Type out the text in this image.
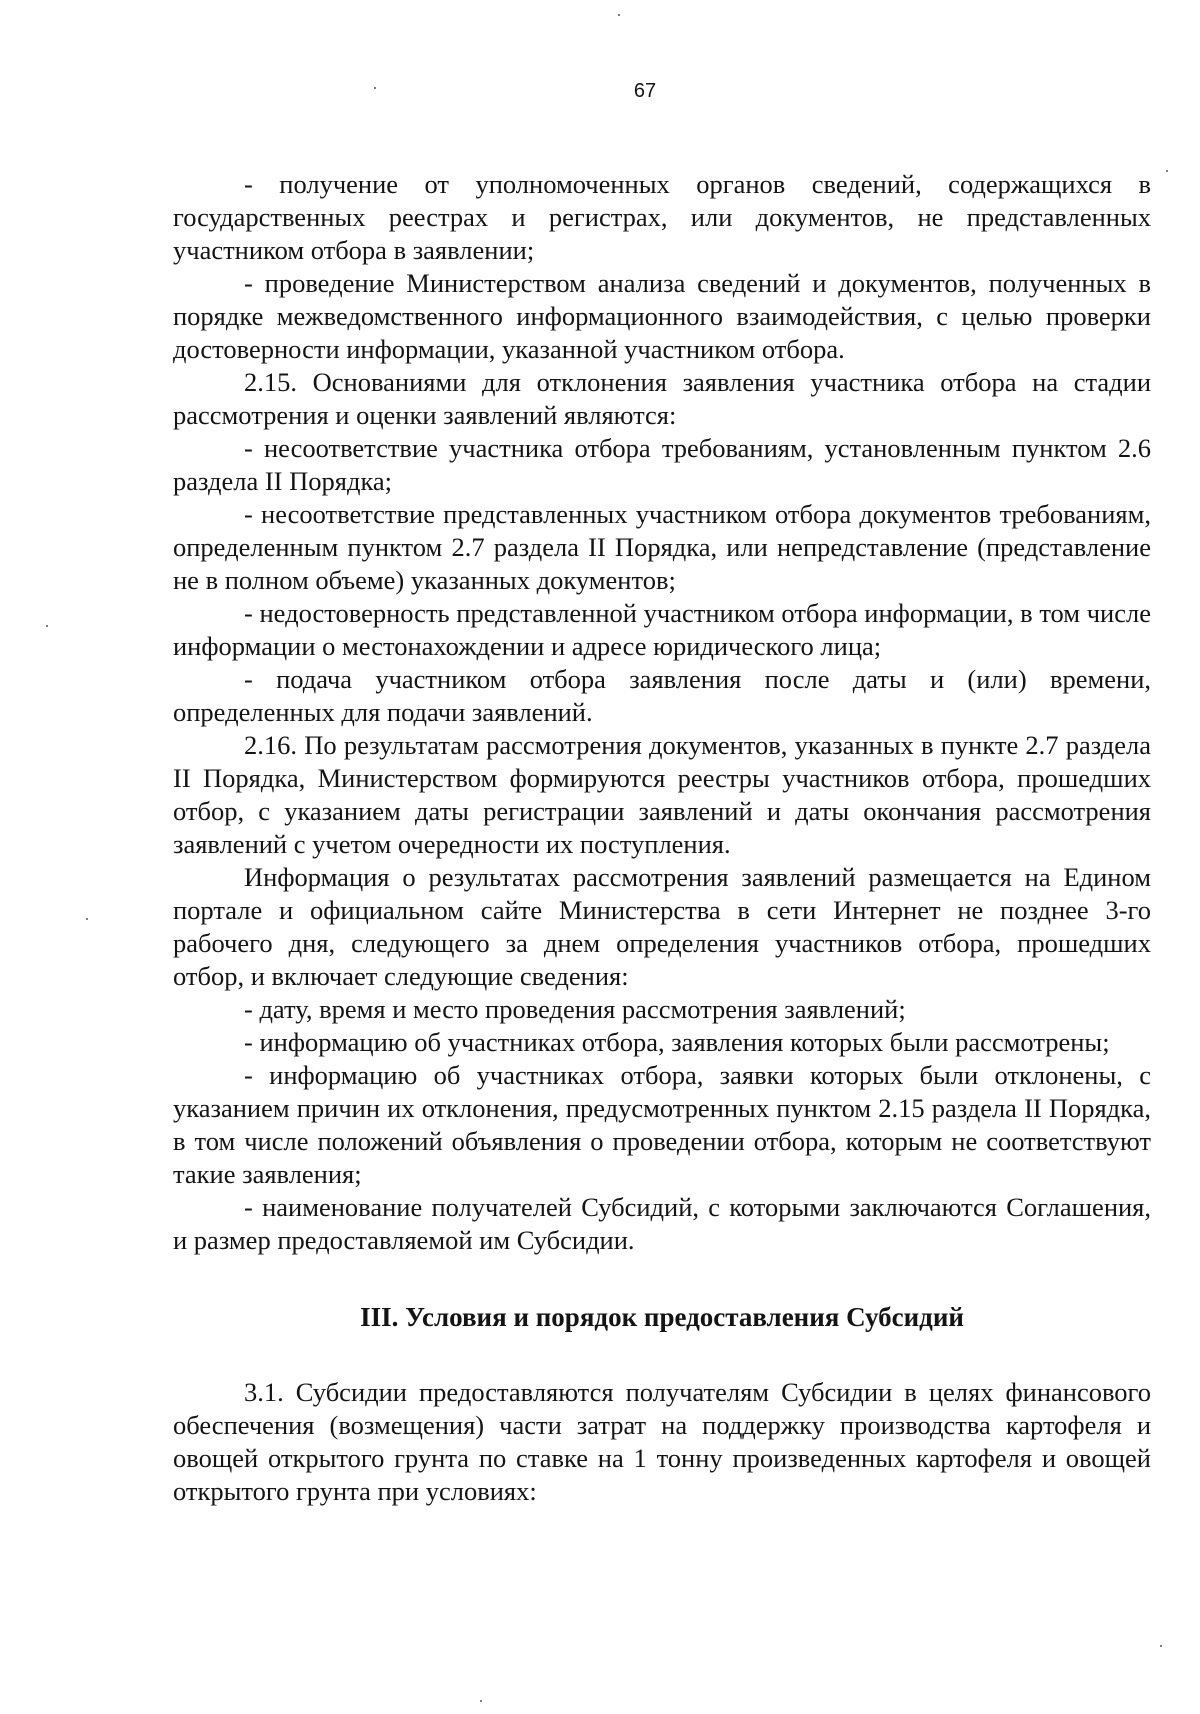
67

- получение от уполномоченных органов сведений, содержащихся в государственных реестрах и регистрах, или документов, не представленных участником отбора в заявлении;

- проведение Министерством анализа сведений и документов, полученных в порядке межведомственного информационного взаимодействия, с целью проверки достоверности информации, указанной участником отбора.

2.15. Основаниями для отклонения заявления участника отбора на стадии рассмотрения и оценки заявлений являются:

- несоответствие участника отбора требованиям, установленным пунктом 2.6 раздела II Порядка;

- несоответствие представленных участником отбора документов требованиям, определенным пунктом 2.7 раздела II Порядка, или непредставление (представление не в полном объеме) указанных документов;

- недостоверность представленной участником отбора информации, в том числе информации о местонахождении и адресе юридического лица;

- подача участником отбора заявления после даты и (или) времени, определенных для подачи заявлений.

2.16. По результатам рассмотрения документов, указанных в пункте 2.7 раздела II Порядка, Министерством формируются реестры участников отбора, прошедших отбор, с указанием даты регистрации заявлений и даты окончания рассмотрения заявлений с учетом очередности их поступления.

Информация о результатах рассмотрения заявлений размещается на Едином портале и официальном сайте Министерства в сети Интернет не позднее 3-го рабочего дня, следующего за днем определения участников отбора, прошедших отбор, и включает следующие сведения:

- дату, время и место проведения рассмотрения заявлений;

- информацию об участниках отбора, заявления которых были рассмотрены;

- информацию об участниках отбора, заявки которых были отклонены, с указанием причин их отклонения, предусмотренных пунктом 2.15 раздела II Порядка, в том числе положений объявления о проведении отбора, которым не соответствуют такие заявления;

- наименование получателей Субсидий, с которыми заключаются Соглашения, и размер предоставляемой им Субсидии.

III. Условия и порядок предоставления Субсидий

3.1. Субсидии предоставляются получателям Субсидии в целях финансового обеспечения (возмещения) части затрат на поддержку производства картофеля и овощей открытого грунта по ставке на 1 тонну произведенных картофеля и овощей открытого грунта при условиях:
